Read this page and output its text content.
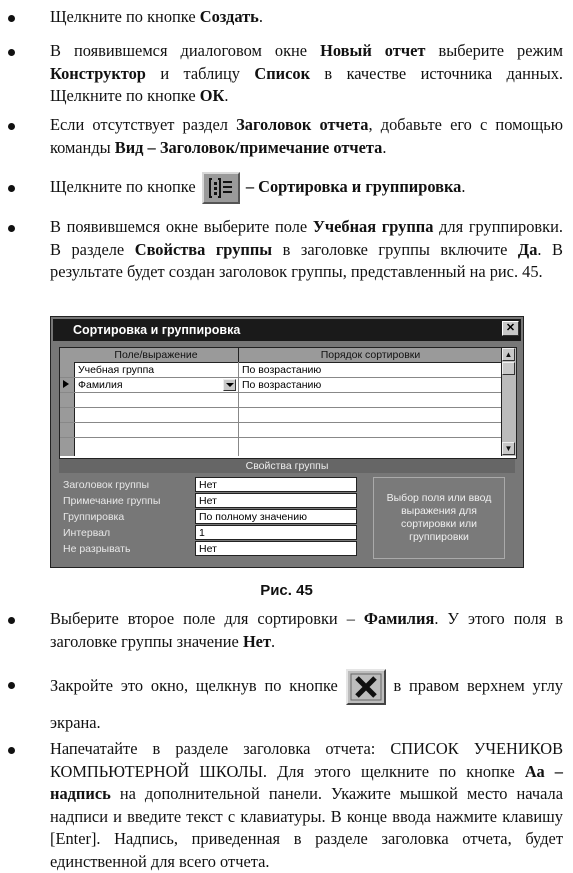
Щелкните по кнопке Создать.
В появившемся диалоговом окне Новый отчет выберите режим Конструктор и таблицу Список в качестве источника данных. Щелкните по кнопке ОК.
Если отсутствует раздел Заголовок отчета, добавьте его с помощью команды Вид – Заголовок/примечание отчета.
Щелкните по кнопке	– Сортировка и группировка.
В появившемся окне выберите поле Учебная группа для группировки. В разделе Свойства группы в заголовке группы включите Да. В результате будет создан заголовок группы, представленный на рис. 45.
Сортировка и группировка	✕
Поле/выражение	Порядок сортировки
Учебная группа	По возрастанию
Фамилия	По возрастанию
▲
▼
Свойства группы
Заголовок группы	Нет
Примечание группы	Нет
Группировка	По полному значению
Интервал	1
Не разрывать	Нет
Выбор поля или ввод выражения для сортировки или группировки
Рис. 45
Выберите второе поле для сортировки – Фамилия. У этого поля в заголовке группы значение Нет.
Закройте это окно, щелкнув по кнопке
в правом верхнем углу экрана.
Напечатайте в разделе заголовка отчета: СПИСОК УЧЕНИКОВ КОМПЬЮТЕРНОЙ ШКОЛЫ. Для этого щелкните по кнопке Аа – надпись на дополнительной панели. Укажите мышкой место начала надписи и введите текст с клавиатуры. В конце ввода нажмите клавишу [Enter]. Надпись, приведенная в разделе заголовка отчета, будет единственной для всего отчета.
